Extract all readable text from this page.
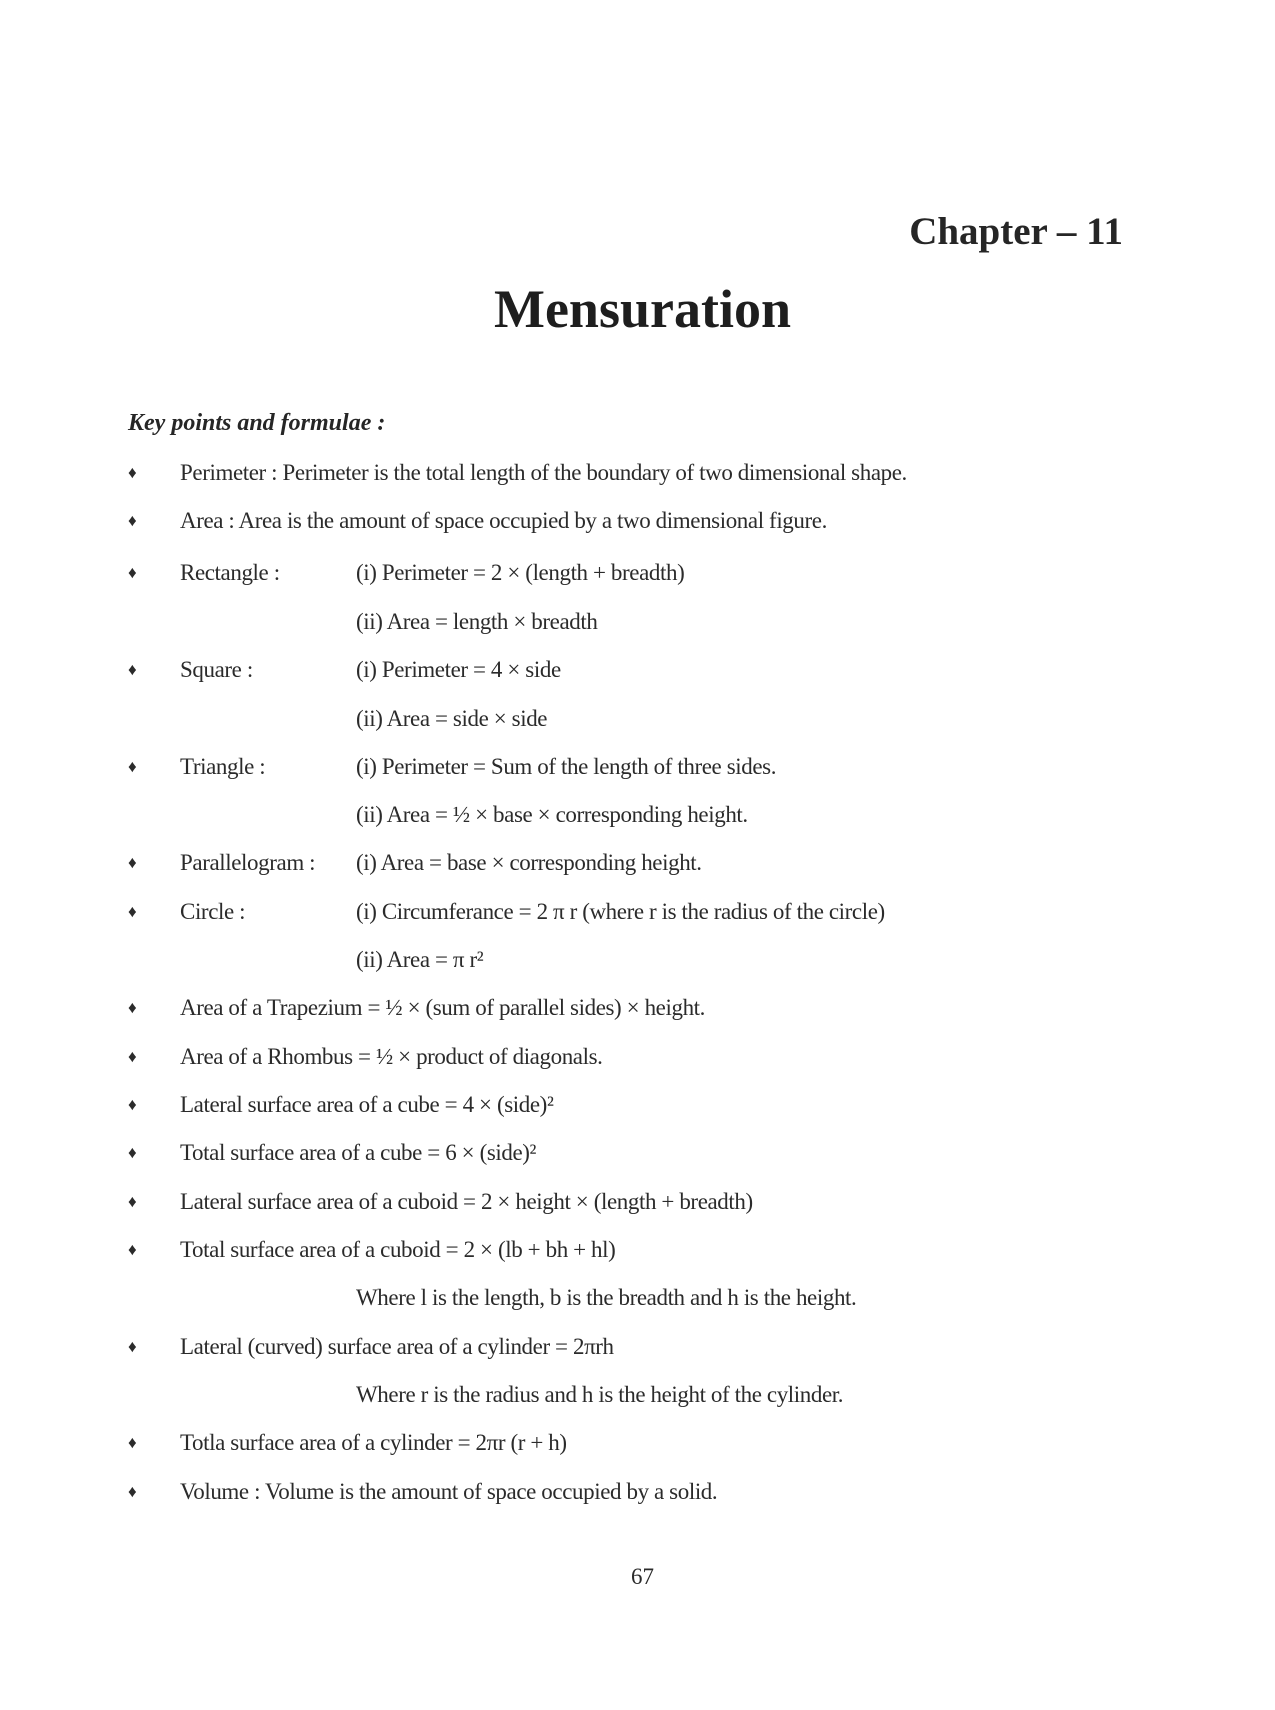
Chapter – 11
Mensuration
Key points and formulae :
♦ Perimeter : Perimeter is the total length of the boundary of two dimensional shape.
♦ Area : Area is the amount of space occupied by a two dimensional figure.
♦ Rectangle :	(i) Perimeter = 2 × (length + breadth)
(ii) Area = length × breadth
♦ Square :	(i) Perimeter = 4 × side
(ii) Area = side × side
♦ Triangle :	(i) Perimeter = Sum of the length of three sides.
(ii) Area = ½ × base × corresponding height.
♦ Parallelogram : (i) Area = base × corresponding height.
♦ Circle :	(i) Circumferance = 2 π r (where r is the radius of the circle)
(ii) Area = π r²
♦ Area of a Trapezium = ½ × (sum of parallel sides) × height.
♦ Area of a Rhombus = ½ × product of diagonals.
♦ Lateral surface area of a cube = 4 × (side)²
♦ Total surface area of a cube = 6 × (side)²
♦ Lateral surface area of a cuboid = 2 × height × (length + breadth)
♦ Total surface area of a cuboid = 2 × (lb + bh + hl)
Where l is the length, b is the breadth and h is the height.
♦ Lateral (curved) surface area of a cylinder = 2πrh
Where r is the radius and h is the height of the cylinder.
♦ Totla surface area of a cylinder = 2πr (r + h)
♦ Volume : Volume is the amount of space occupied by a solid.
67
